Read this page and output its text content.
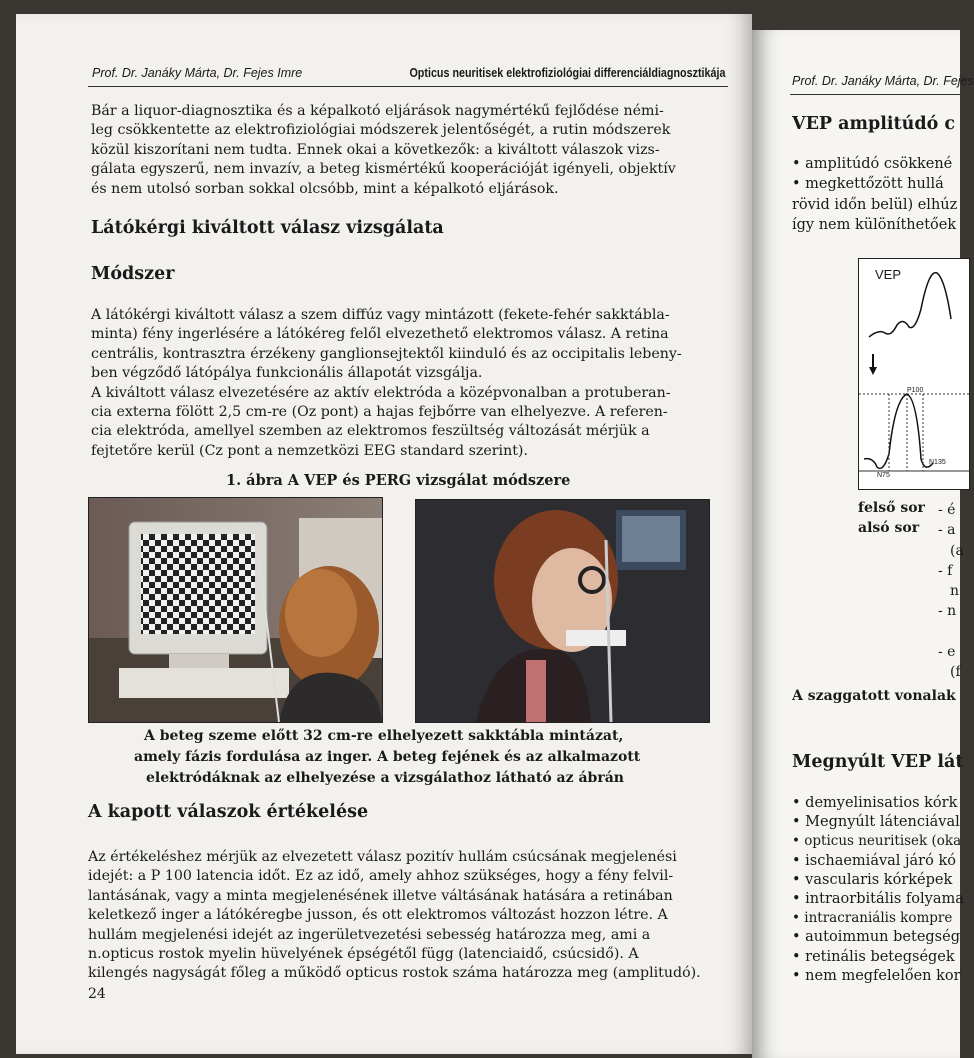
Prof. Dr. Janáky Márta, Dr. Fejes Imre	Opticus neuritisek elektrofiziológiai differenciáldiagnosztikája
Bár a liquor-diagnosztika és a képalkotó eljárások nagymértékű fejlődése némi-
leg csökkentette az elektrofiziológiai módszerek jelentőségét, a rutin módszerek
közül kiszorítani nem tudta. Ennek okai a következők: a kiváltott válaszok vizs-
gálata egyszerű, nem invazív, a beteg kismértékű kooperációját igényeli, objektív
és nem utolsó sorban sokkal olcsóbb, mint a képalkotó eljárások.
Látókérgi kiváltott válasz vizsgálata
Módszer
A látókérgi kiváltott válasz a szem diffúz vagy mintázott (fekete-fehér sakktábla-
minta) fény ingerlésére a látókéreg felől elvezethető elektromos válasz. A retina
centrális, kontrasztra érzékeny ganglionsejtektől kiinduló és az occipitalis lebeny-
ben végződő látópálya funkcionális állapotát vizsgálja.
A kiváltott válasz elvezetésére az aktív elektróda a középvonalban a protuberan-
cia externa fölött 2,5 cm-re (Oz pont) a hajas fejbőrre van elhelyezve. A referen-
cia elektróda, amellyel szemben az elektromos feszültség változását mérjük a
fejtetőre kerül (Cz pont a nemzetközi EEG standard szerint).
1. ábra A VEP és PERG vizsgálat módszere
A beteg szeme előtt 32 cm-re elhelyezett sakktábla mintázat,
amely fázis fordulása az inger. A beteg fejének és az alkalmazott
elektródáknak az elhelyezése a vizsgálathoz látható az ábrán
A kapott válaszok értékelése
Az értékeléshez mérjük az elvezetett válasz pozitív hullám csúcsának megjelenési
idejét: a P 100 latencia időt. Ez az idő, amely ahhoz szükséges, hogy a fény felvil-
lantásának, vagy a minta megjelenésének illetve váltásának hatására a retinában
keletkező inger a látókéregbe jusson, és ott elektromos változást hozzon létre. A
hullám megjelenési idejét az ingerületvezetési sebesség határozza meg, ami a
n.opticus rostok myelin hüvelyének épségétől függ (latenciaidő, csúcsidő). A
kilengés nagyságát főleg a működő opticus rostok száma határozza meg (amplitudó).
24
Prof. Dr. Janáky Márta, Dr. Fejes
VEP amplitúdó c
• amplitúdó csökkené
• megkettőzött hullá
rövid időn belül) elhúz
így nem különíthetőek
VEP
P100
N75
N135
felső sor
alsó sor
- é
- a
(a
- f
n
- n
- e
(f
A szaggatott vonalak
Megnyúlt VEP lát
• demyelinisatios kórk
• Megnyúlt látenciával
• opticus neuritisek (oka
• ischaemiával járó kó
• vascularis kórképek
• intraorbitális folyama
• intracraniális kompre
• autoimmun betegség
• retinális betegségek
• nem megfelelően kor
